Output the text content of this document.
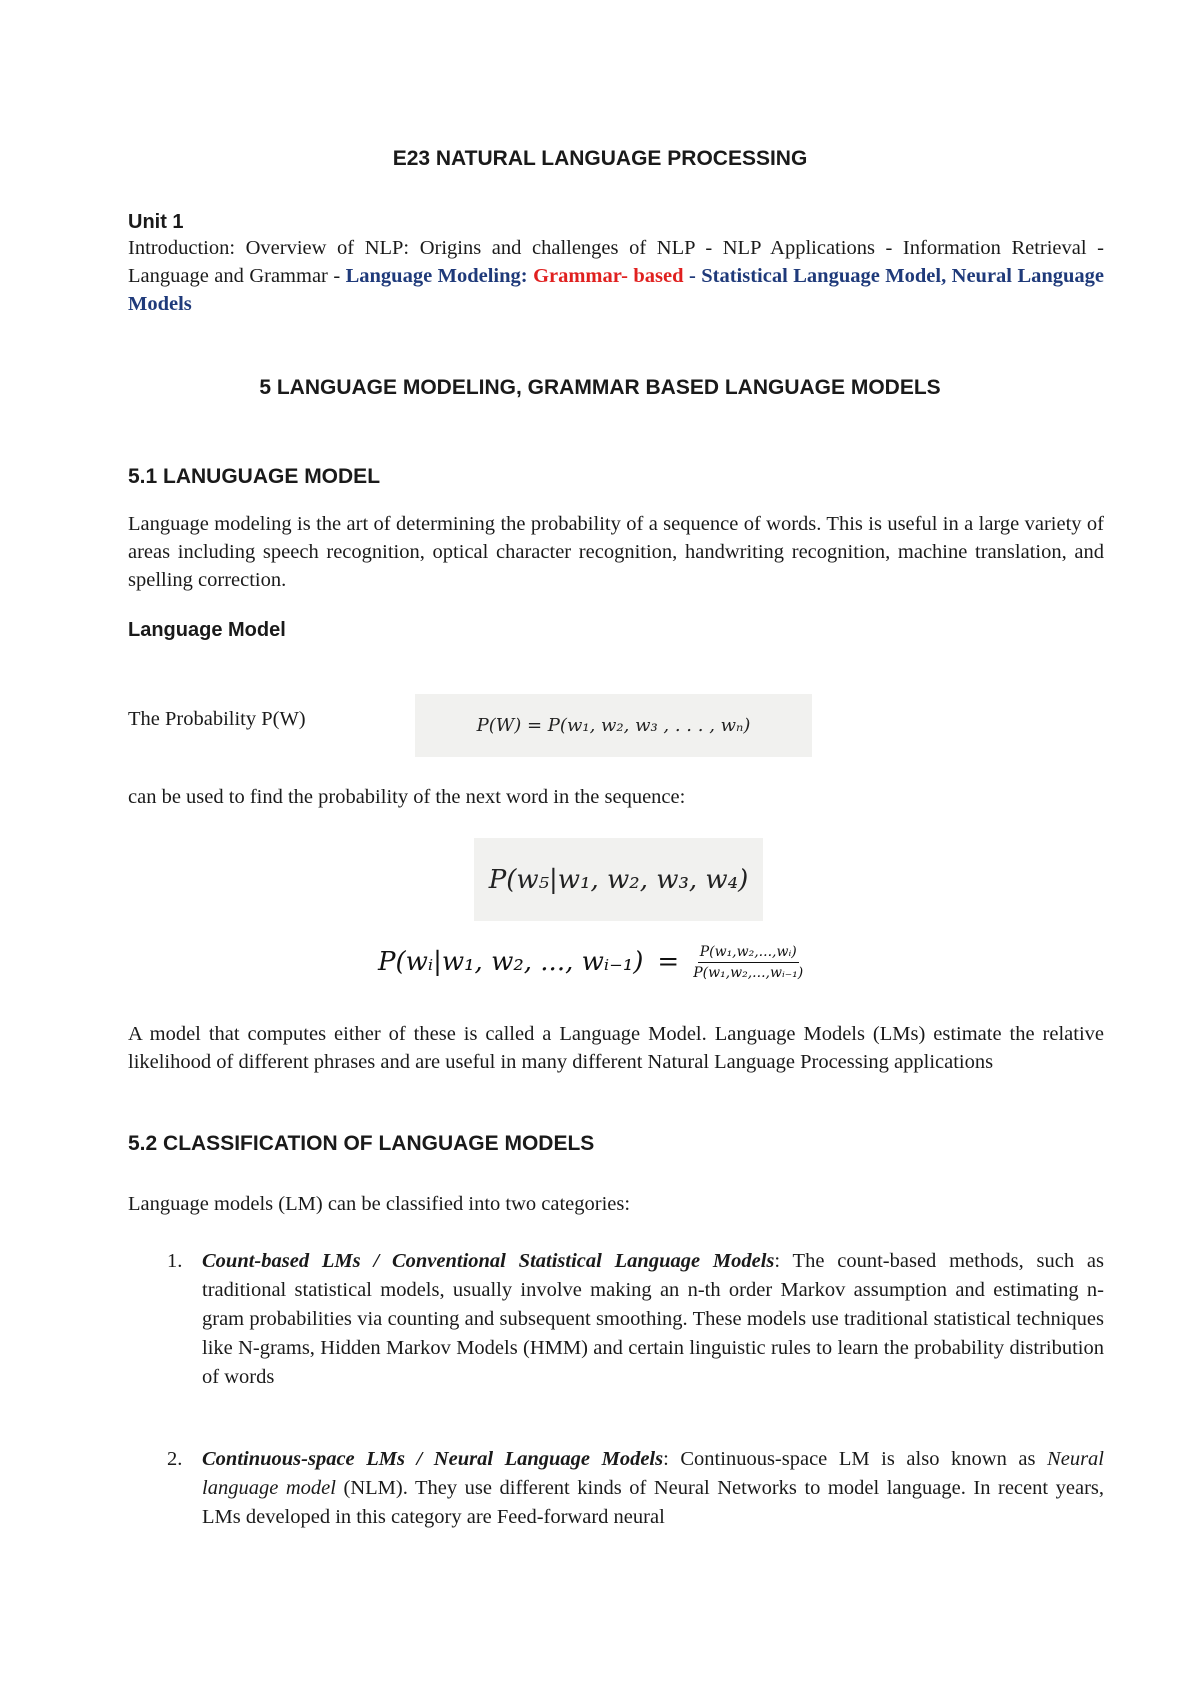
E23 NATURAL LANGUAGE PROCESSING
Unit 1
Introduction: Overview of NLP: Origins and challenges of NLP - NLP Applications - Information Retrieval - Language and Grammar - Language Modeling: Grammar- based - Statistical Language Model, Neural Language Models
5 LANGUAGE MODELING, GRAMMAR BASED LANGUAGE MODELS
5.1 LANUGUAGE MODEL
Language modeling is the art of determining the probability of a sequence of words. This is useful in a large variety of areas including speech recognition, optical character recognition, handwriting recognition, machine translation, and spelling correction.
Language Model
The Probability P(W)	P(W) = P(w₁, w₂, w₃ , . . . , wₙ)
can be used to find the probability of the next word in the sequence:
P(w₅|w₁, w₂, w₃, w₄)
P(wᵢ|w₁, w₂, ..., wᵢ₋₁) = $\frac{\text{P(w₁,w₂,...,wᵢ)}}{\text{P(w₁,w₂,...,wᵢ₋₁)}}$
A model that computes either of these is called a Language Model. Language Models (LMs) estimate the relative likelihood of different phrases and are useful in many different Natural Language Processing applications
5.2 CLASSIFICATION OF LANGUAGE MODELS
Language models (LM) can be classified into two categories:
1. Count-based LMs / Conventional Statistical Language Models: The count-based methods, such as traditional statistical models, usually involve making an n-th order Markov assumption and estimating n-gram probabilities via counting and subsequent smoothing. These models use traditional statistical techniques like N-grams, Hidden Markov Models (HMM) and certain linguistic rules to learn the probability distribution of words
2. Continuous-space LMs / Neural Language Models: Continuous-space LM is also known as Neural language model (NLM). They use different kinds of Neural Networks to model language. In recent years, LMs developed in this category are Feed-forward neural
